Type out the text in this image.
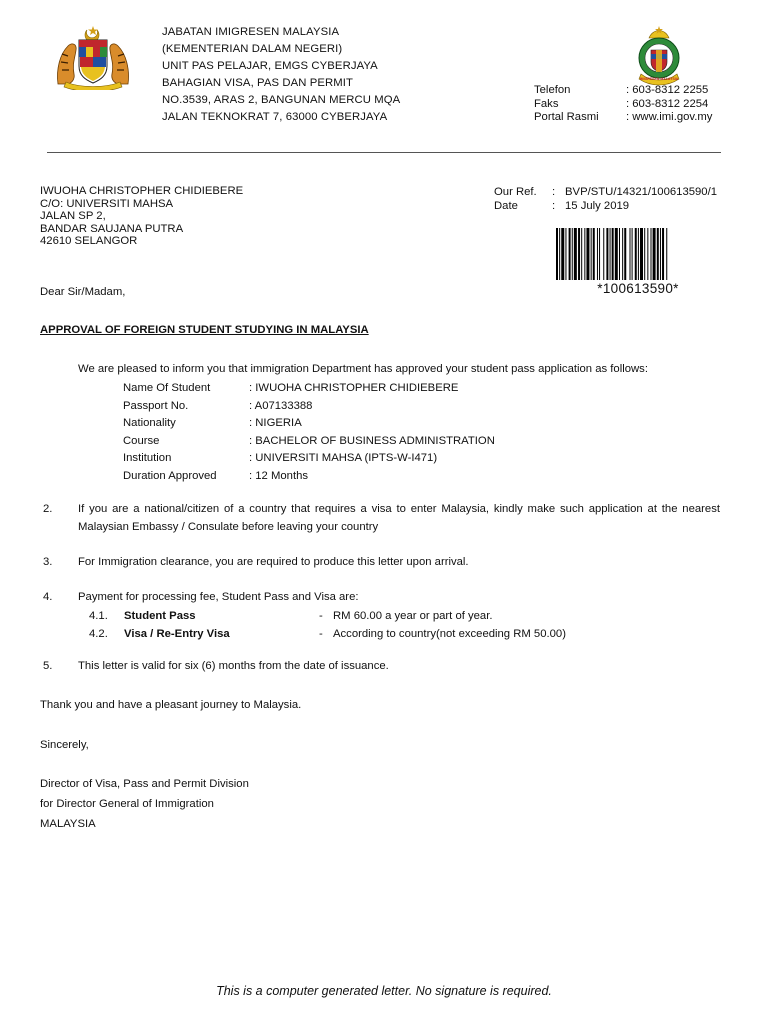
JABATAN IMIGRESEN MALAYSIA
(KEMENTERIAN DALAM NEGERI)
UNIT PAS PELAJAR, EMGS CYBERJAYA
BAHAGIAN VISA, PAS DAN PERMIT
NO.3539, ARAS 2, BANGUNAN MERCU MQA
JALAN TEKNOKRAT 7, 63000 CYBERJAYA
IMIGRESEN MALAYSIA
Telefon	: 603-8312 2255
Faks	: 603-8312 2254
Portal Rasmi	: www.imi.gov.my
IWUOHA CHRISTOPHER CHIDIEBERE
C/O: UNIVERSITI MAHSA
JALAN SP 2,
BANDAR SAUJANA PUTRA
42610 SELANGOR
Our Ref.	: BVP/STU/14321/100613590/1
Date	: 15 July 2019
*100613590*
Dear Sir/Madam,
APPROVAL OF FOREIGN STUDENT STUDYING IN MALAYSIA
We are pleased to inform you that immigration Department has approved your student pass application as follows:
Name Of Student	: IWUOHA CHRISTOPHER CHIDIEBERE
Passport No.	: A07133388
Nationality	: NIGERIA
Course	: BACHELOR OF BUSINESS ADMINISTRATION
Institution	: UNIVERSITI MAHSA (IPTS-W-I471)
Duration Approved	: 12 Months
2. If you are a national/citizen of a country that requires a visa to enter Malaysia, kindly make such application at the nearest Malaysian Embassy / Consulate before leaving your country
3. For Immigration clearance, you are required to produce this letter upon arrival.
4. Payment for processing fee, Student Pass and Visa are:
4.1.	Student Pass	- RM 60.00 a year or part of year.
4.2.	Visa / Re-Entry Visa	- According to country(not exceeding RM 50.00)
5. This letter is valid for six (6) months from the date of issuance.
Thank you and have a pleasant journey to Malaysia.
Sincerely,
Director of Visa, Pass and Permit Division
for Director General of Immigration
MALAYSIA
This is a computer generated letter. No signature is required.
